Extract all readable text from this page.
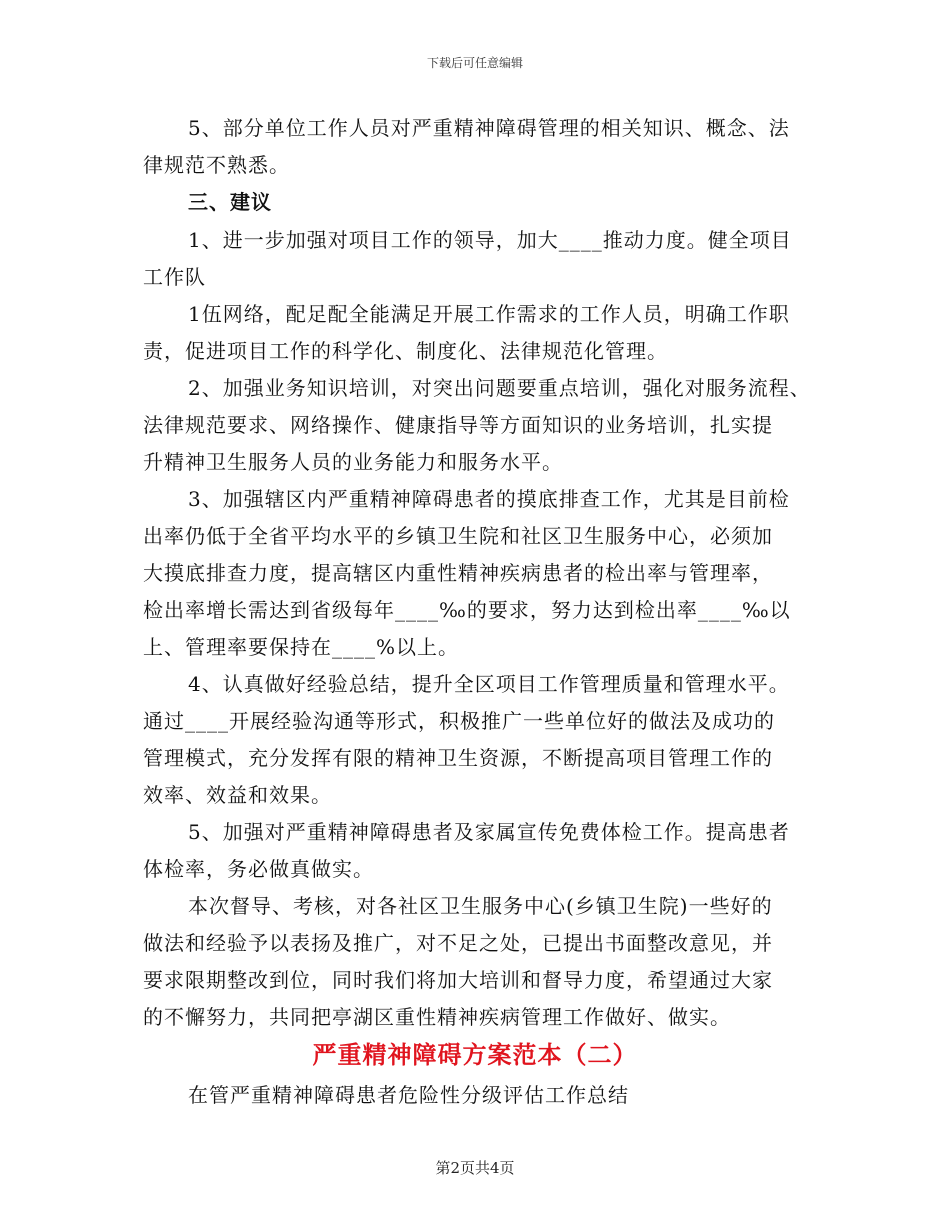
下载后可任意编辑
5、部分单位工作人员对严重精神障碍管理的相关知识、概念、法
律规范不熟悉。
三、建议
1、进一步加强对项目工作的领导，加大____推动力度。健全项目
工作队
1伍网络，配足配全能满足开展工作需求的工作人员，明确工作职
责，促进项目工作的科学化、制度化、法律规范化管理。
2、加强业务知识培训，对突出问题要重点培训，强化对服务流程、
法律规范要求、网络操作、健康指导等方面知识的业务培训，扎实提
升精神卫生服务人员的业务能力和服务水平。
3、加强辖区内严重精神障碍患者的摸底排查工作，尤其是目前检
出率仍低于全省平均水平的乡镇卫生院和社区卫生服务中心，必须加
大摸底排查力度，提高辖区内重性精神疾病患者的检出率与管理率，
检出率增长需达到省级每年____‰的要求，努力达到检出率____‰以
上、管理率要保持在____%以上。
4、认真做好经验总结，提升全区项目工作管理质量和管理水平。
通过____开展经验沟通等形式，积极推广一些单位好的做法及成功的
管理模式，充分发挥有限的精神卫生资源，不断提高项目管理工作的
效率、效益和效果。
5、加强对严重精神障碍患者及家属宣传免费体检工作。提高患者
体检率，务必做真做实。
本次督导、考核，对各社区卫生服务中心(乡镇卫生院)一些好的
做法和经验予以表扬及推广，对不足之处，已提出书面整改意见，并
要求限期整改到位，同时我们将加大培训和督导力度，希望通过大家
的不懈努力，共同把亭湖区重性精神疾病管理工作做好、做实。
严重精神障碍方案范本（二）
在管严重精神障碍患者危险性分级评估工作总结
第2页共4页
